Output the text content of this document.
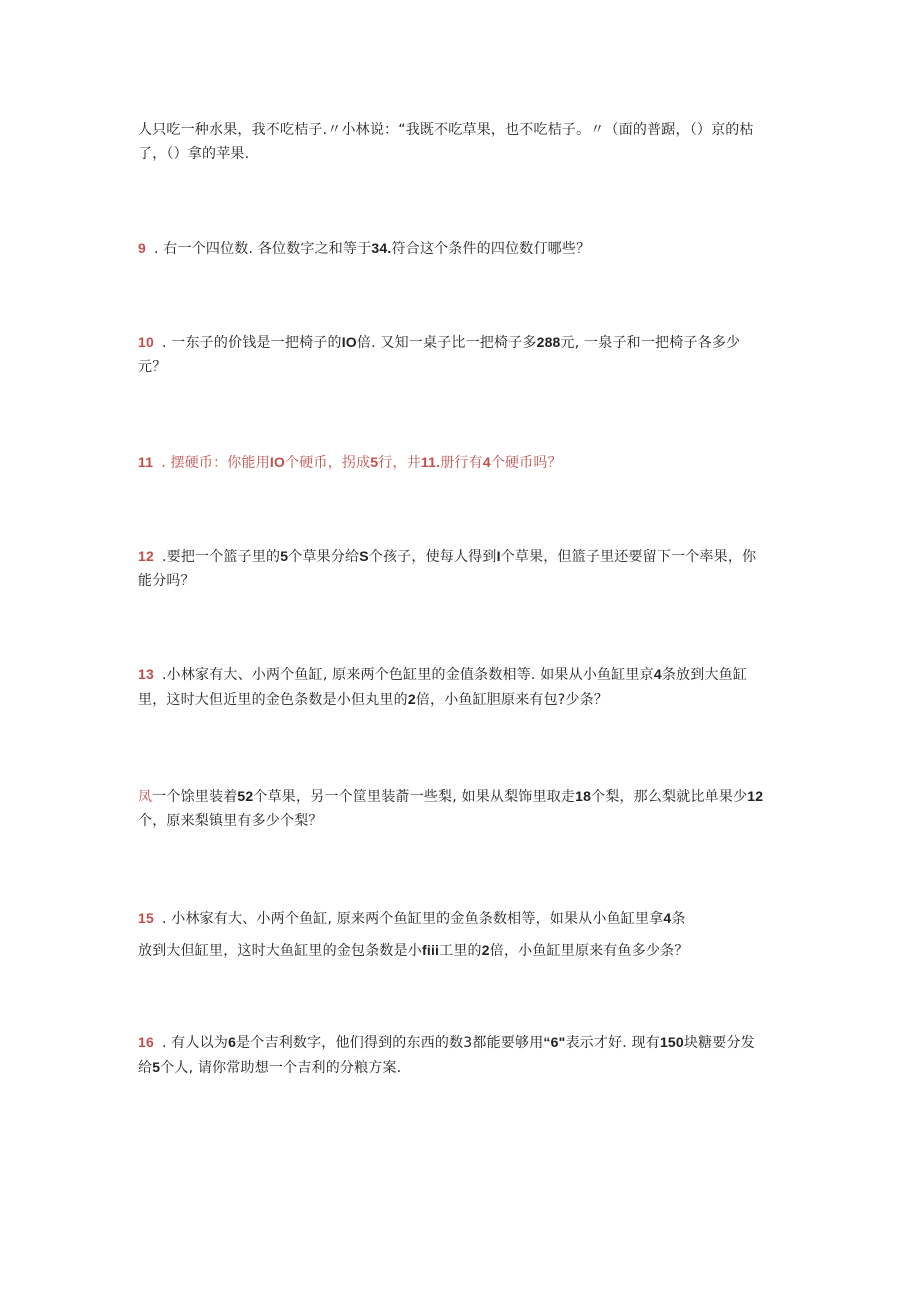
人只吃一种水果，我不吃桔子.〃小林说：“我既不吃草果，也不吃桔子。〃（面的普踞，（）京的枯
了，（）拿的苹果.

9 . 右一个四位数. 各位数字之和等于34.符合这个条件的四位数仃哪些？

10 . 一东子的价钱是一把椅子的IO倍. 又知一桌子比一把椅子多288元, 一泉子和一把椅子各多少
元？

11 . 摆硬币：你能用IO个硬币，拐成5行，井11.册行有4个硬币吗？

12 .要把一个篮子里的5个草果分给S个孩子，使每人得到I个草果，但篮子里还要留下一个率果，你
能分吗？

13 .小林家有大、小两个鱼缸, 原来两个色缸里的金值条数相等. 如果从小鱼缸里京4条放到大鱼缸
里，这时大但近里的金色条数是小但丸里的2倍，小鱼缸胆原来有包?少条？

凤一个馀里装着52个草果，另一个筐里装萮一些梨, 如果从梨饰里取走18个梨，那么梨就比单果少12
个，原来梨镇里有多少个梨？

15 . 小林家有大、小两个鱼缸, 原来两个鱼缸里的金鱼条数相等，如果从小鱼缸里拿4条
放到大但缸里，这时大鱼缸里的金包条数是小fiii工里的2倍，小鱼缸里原来有鱼多少条？

16 . 有人以为6是个吉利数字，他们得到的东西的数3都能要够用“6"表示才好. 现有150块糖要分发
给5个人, 请你常助想一个吉利的分粮方案.
